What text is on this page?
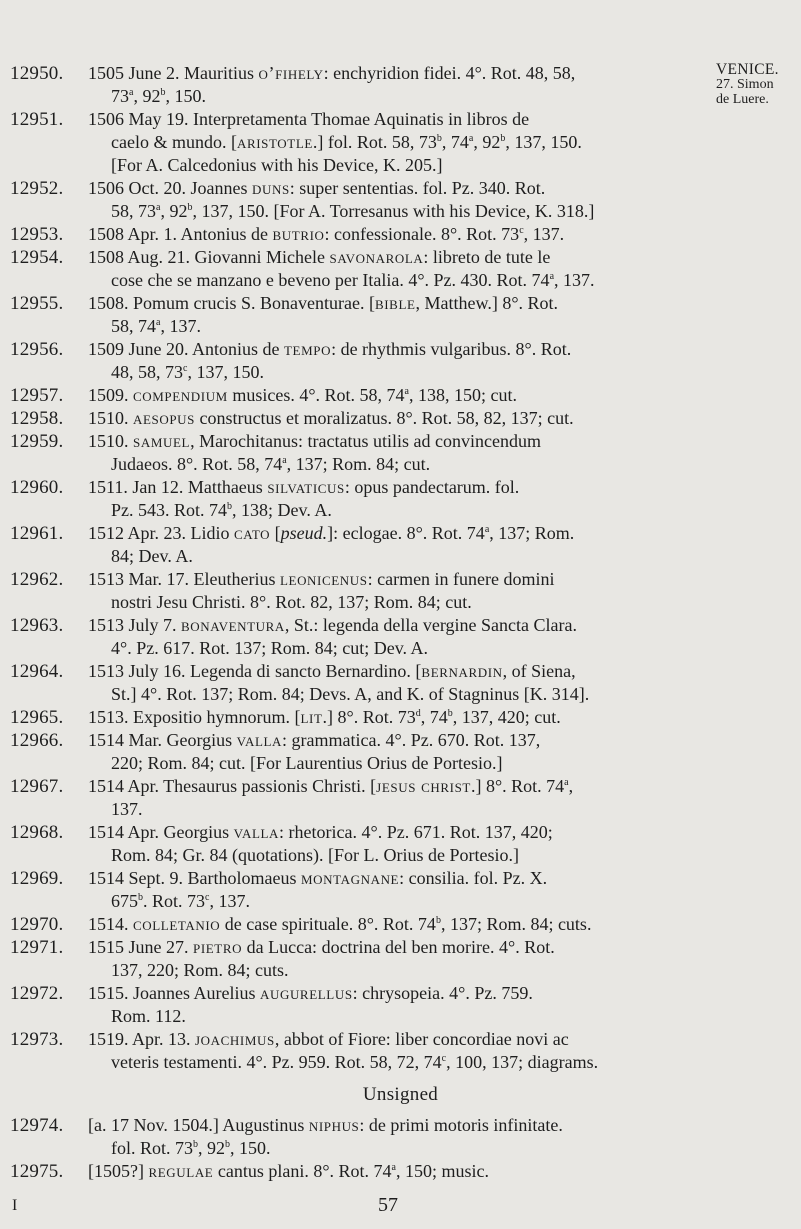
VENICE.
27. Simon
de Luere.
12950.	1505 June 2. Mauritius o’fihely: enchyridion fidei. 4°. Rot. 48, 58,
73$^a$, 92$^b$, 150.
12951.	1506 May 19. Interpretamenta Thomae Aquinatis in libros de
caelo & mundo. [aristotle.] fol. Rot. 58, 73$^b$, 74$^a$, 92$^b$, 137, 150.
[For A. Calcedonius with his Device, K. 205.]
12952.	1506 Oct. 20. Joannes duns: super sententias. fol. Pz. 340. Rot.
58, 73$^a$, 92$^b$, 137, 150. [For A. Torresanus with his Device, K. 318.]
12953.	1508 Apr. 1. Antonius de butrio: confessionale. 8°. Rot. 73$^c$, 137.
12954.	1508 Aug. 21. Giovanni Michele savonarola: libreto de tute le
cose che se manzano e beveno per Italia. 4°. Pz. 430. Rot. 74$^a$, 137.
12955.	1508. Pomum crucis S. Bonaventurae. [bible, Matthew.] 8°. Rot.
58, 74$^a$, 137.
12956.	1509 June 20. Antonius de tempo: de rhythmis vulgaribus. 8°. Rot.
48, 58, 73$^c$, 137, 150.
12957.	1509. compendium musices. 4°. Rot. 58, 74$^a$, 138, 150; cut.
12958.	1510. aesopus constructus et moralizatus. 8°. Rot. 58, 82, 137; cut.
12959.	1510. samuel, Marochitanus: tractatus utilis ad convincendum
Judaeos. 8°. Rot. 58, 74$^a$, 137; Rom. 84; cut.
12960.	1511. Jan 12. Matthaeus silvaticus: opus pandectarum. fol.
Pz. 543. Rot. 74$^b$, 138; Dev. A.
12961.	1512 Apr. 23. Lidio cato [pseud.]: eclogae. 8°. Rot. 74$^a$, 137; Rom.
84; Dev. A.
12962.	1513 Mar. 17. Eleutherius leonicenus: carmen in funere domini
nostri Jesu Christi. 8°. Rot. 82, 137; Rom. 84; cut.
12963.	1513 July 7. bonaventura, St.: legenda della vergine Sancta Clara.
4°. Pz. 617. Rot. 137; Rom. 84; cut; Dev. A.
12964.	1513 July 16. Legenda di sancto Bernardino. [bernardin, of Siena,
St.] 4°. Rot. 137; Rom. 84; Devs. A, and K. of Stagninus [K. 314].
12965.	1513. Expositio hymnorum. [lit.] 8°. Rot. 73$^d$, 74$^b$, 137, 420; cut.
12966.	1514 Mar. Georgius valla: grammatica. 4°. Pz. 670. Rot. 137,
220; Rom. 84; cut. [For Laurentius Orius de Portesio.]
12967.	1514 Apr. Thesaurus passionis Christi. [jesus christ.] 8°. Rot. 74$^a$,
137.
12968.	1514 Apr. Georgius valla: rhetorica. 4°. Pz. 671. Rot. 137, 420;
Rom. 84; Gr. 84 (quotations). [For L. Orius de Portesio.]
12969.	1514 Sept. 9. Bartholomaeus montagnane: consilia. fol. Pz. X.
675$^b$. Rot. 73$^c$, 137.
12970.	1514. colletanio de case spirituale. 8°. Rot. 74$^b$, 137; Rom. 84; cuts.
12971.	1515 June 27. pietro da Lucca: doctrina del ben morire. 4°. Rot.
137, 220; Rom. 84; cuts.
12972.	1515. Joannes Aurelius augurellus: chrysopeia. 4°. Pz. 759.
Rom. 112.
12973.	1519. Apr. 13. joachimus, abbot of Fiore: liber concordiae novi ac
veteris testamenti. 4°. Pz. 959. Rot. 58, 72, 74$^c$, 100, 137; diagrams.
Unsigned
12974.	[a. 17 Nov. 1504.] Augustinus niphus: de primi motoris infinitate.
fol. Rot. 73$^b$, 92$^b$, 150.
12975.	[1505?] regulae cantus plani. 8°. Rot. 74$^a$, 150; music.
I	57
